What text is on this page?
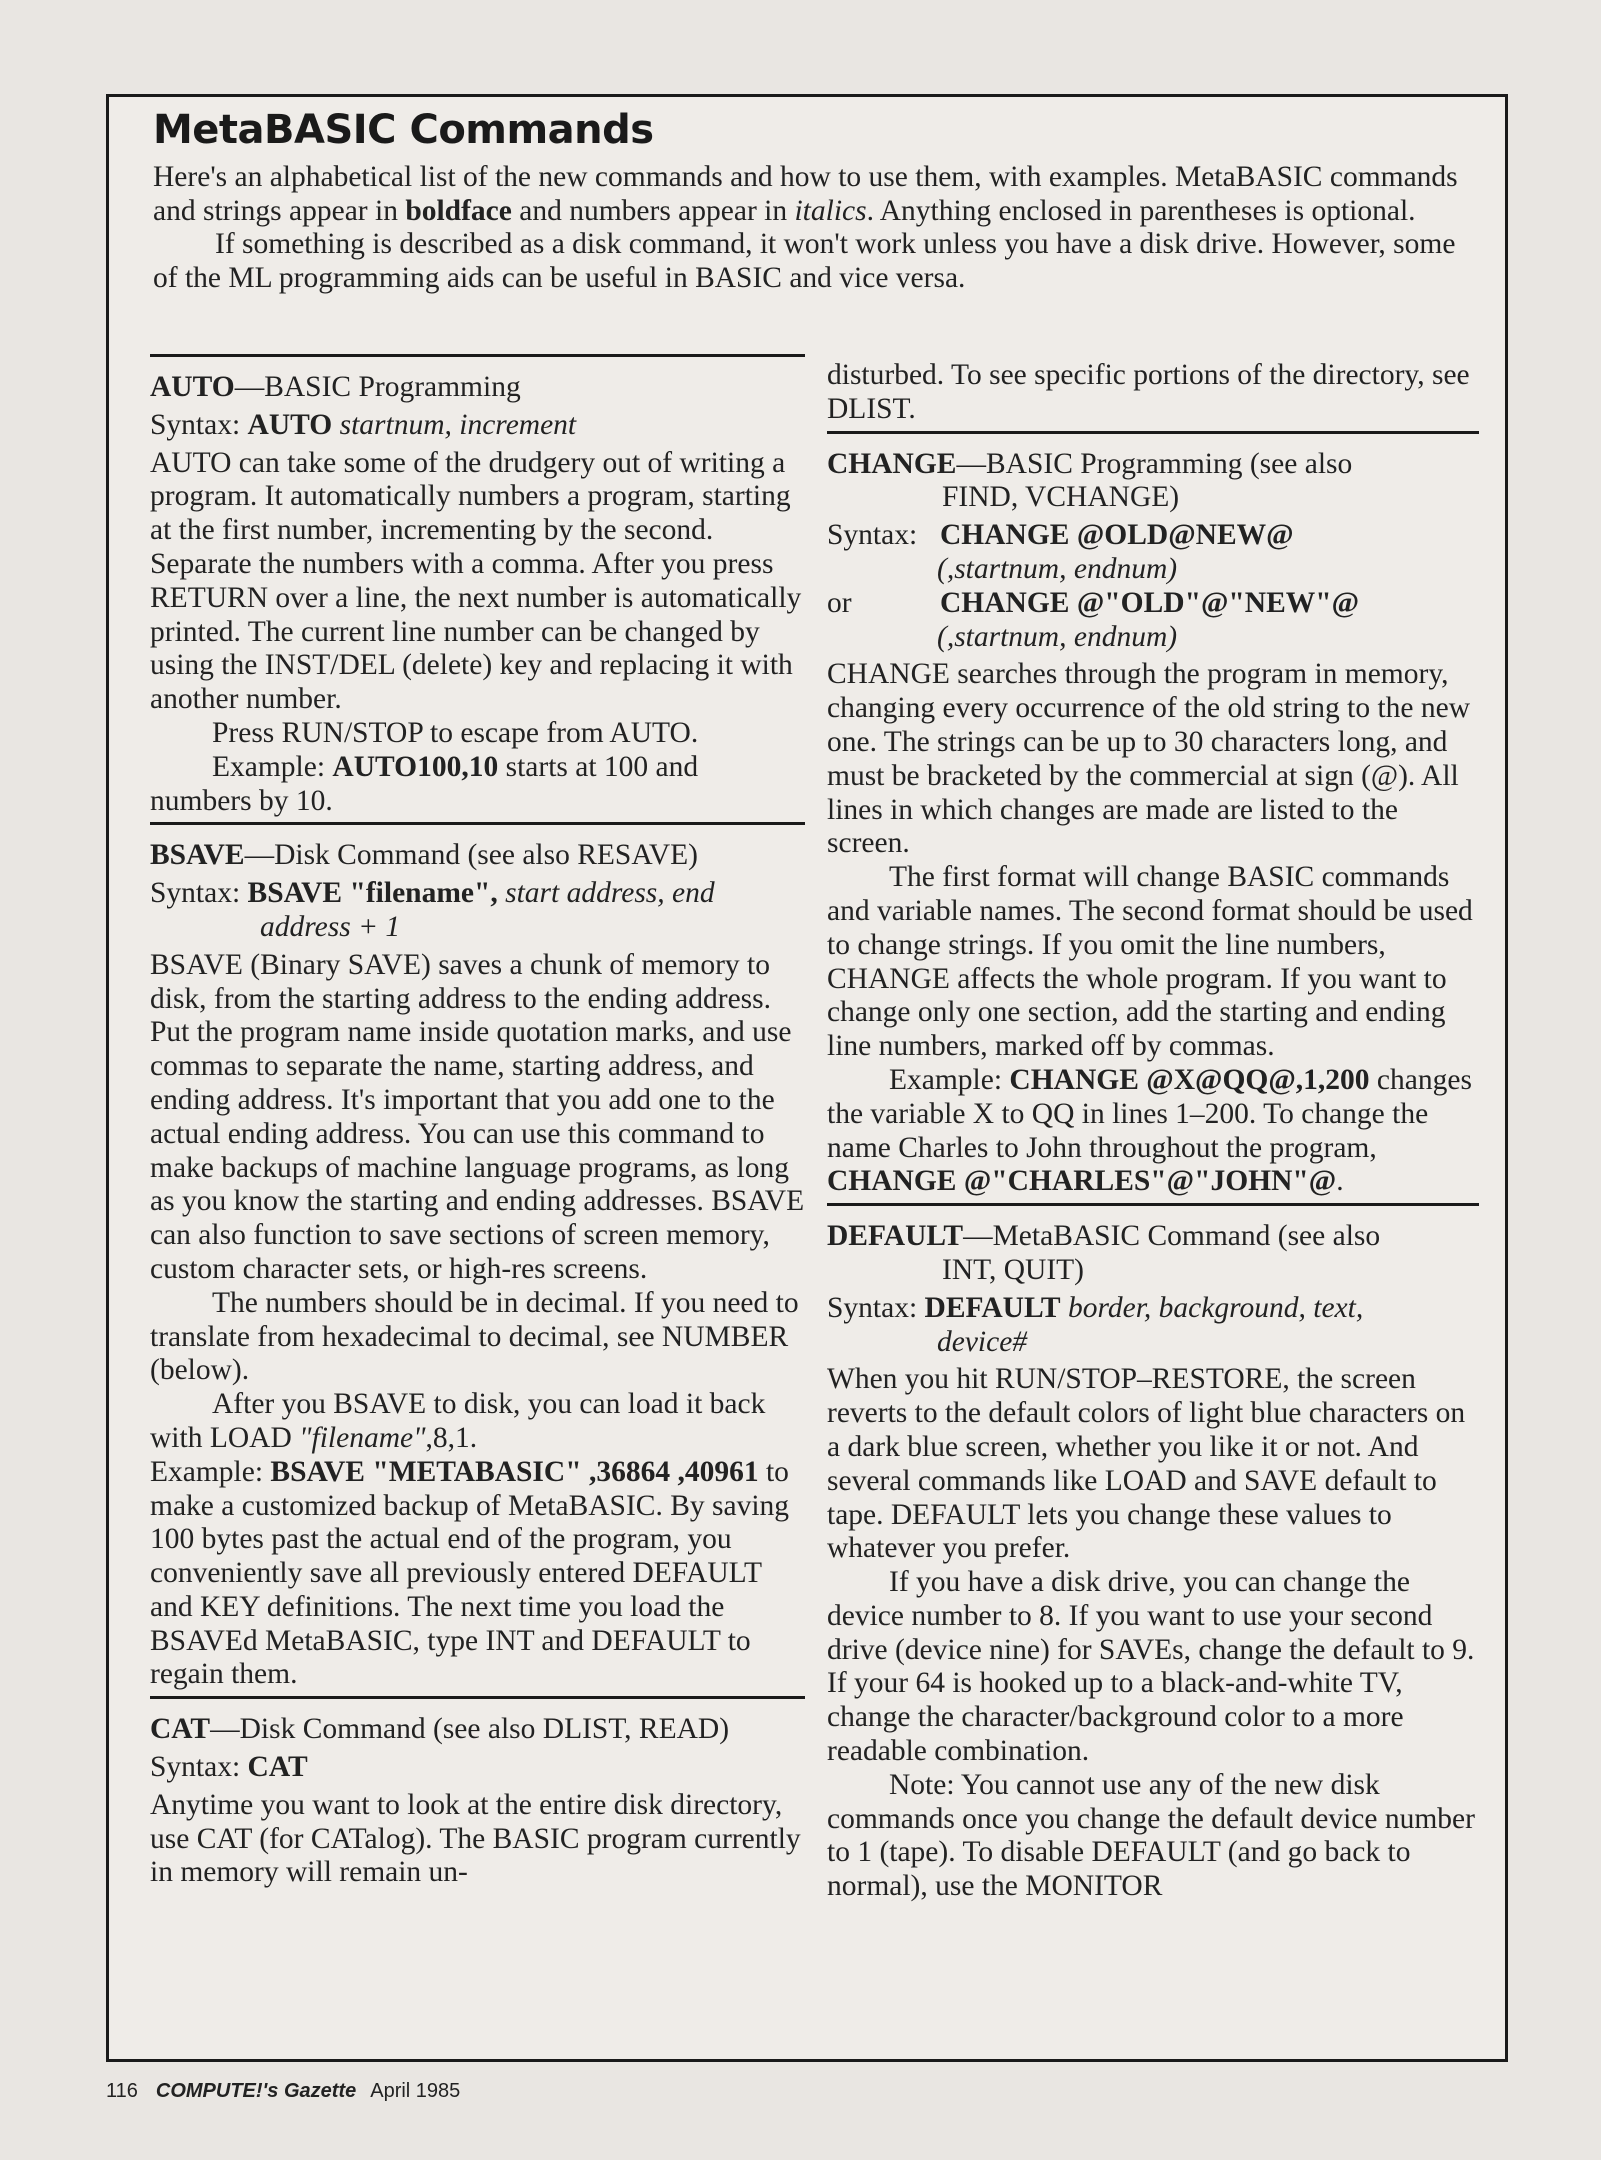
MetaBASIC Commands

Here's an alphabetical list of the new commands and how to use them, with examples. MetaBASIC commands and strings appear in boldface and numbers appear in italics. Anything enclosed in parentheses is optional.

If something is described as a disk command, it won't work unless you have a disk drive. However, some of the ML programming aids can be useful in BASIC and vice versa.

AUTO—BASIC Programming

Syntax: AUTO startnum, increment

AUTO can take some of the drudgery out of writing a program. It automatically numbers a program, starting at the first number, incrementing by the second. Separate the numbers with a comma. After you press RETURN over a line, the next number is automatically printed. The current line number can be changed by using the INST/DEL (delete) key and replacing it with another number.

Press RUN/STOP to escape from AUTO.

Example: AUTO100,10 starts at 100 and numbers by 10.

BSAVE—Disk Command (see also RESAVE)

Syntax: BSAVE "filename", start address, end

address + 1

BSAVE (Binary SAVE) saves a chunk of memory to disk, from the starting address to the ending address. Put the program name inside quotation marks, and use commas to separate the name, starting address, and ending address. It's important that you add one to the actual ending address. You can use this command to make backups of machine language programs, as long as you know the starting and ending addresses. BSAVE can also function to save sections of screen memory, custom character sets, or high-res screens.

The numbers should be in decimal. If you need to translate from hexadecimal to decimal, see NUMBER (below).

After you BSAVE to disk, you can load it back with LOAD "filename",8,1.

Example: BSAVE "METABASIC" ,36864 ,40961 to make a customized backup of MetaBASIC. By saving 100 bytes past the actual end of the program, you conveniently save all previously entered DEFAULT and KEY definitions. The next time you load the BSAVEd MetaBASIC, type INT and DEFAULT to regain them.

CAT—Disk Command (see also DLIST, READ)

Syntax: CAT

Anytime you want to look at the entire disk directory, use CAT (for CATalog). The BASIC program currently in memory will remain un-

disturbed. To see specific portions of the directory, see DLIST.

CHANGE—BASIC Programming (see also

FIND, VCHANGE)

Syntax:CHANGE @OLD@NEW@

(,startnum, endnum)

or	CHANGE @"OLD"@"NEW"@

(,startnum, endnum)

CHANGE searches through the program in memory, changing every occurrence of the old string to the new one. The strings can be up to 30 characters long, and must be bracketed by the commercial at sign (@). All lines in which changes are made are listed to the screen.

The first format will change BASIC commands and variable names. The second format should be used to change strings. If you omit the line numbers, CHANGE affects the whole program. If you want to change only one section, add the starting and ending line numbers, marked off by commas.

Example: CHANGE @X@QQ@,1,200 changes the variable X to QQ in lines 1–200. To change the name Charles to John throughout the program, CHANGE @"CHARLES"@"JOHN"@.

DEFAULT—MetaBASIC Command (see also

INT, QUIT)

Syntax: DEFAULT border, background, text,

device#

When you hit RUN/STOP–RESTORE, the screen reverts to the default colors of light blue characters on a dark blue screen, whether you like it or not. And several commands like LOAD and SAVE default to tape. DEFAULT lets you change these values to whatever you prefer.

If you have a disk drive, you can change the device number to 8. If you want to use your second drive (device nine) for SAVEs, change the default to 9. If your 64 is hooked up to a black-and-white TV, change the character/background color to a more readable combination.

Note: You cannot use any of the new disk commands once you change the default device number to 1 (tape). To disable DEFAULT (and go back to normal), use the MONITOR

116 COMPUTE!'s Gazette April 1985
